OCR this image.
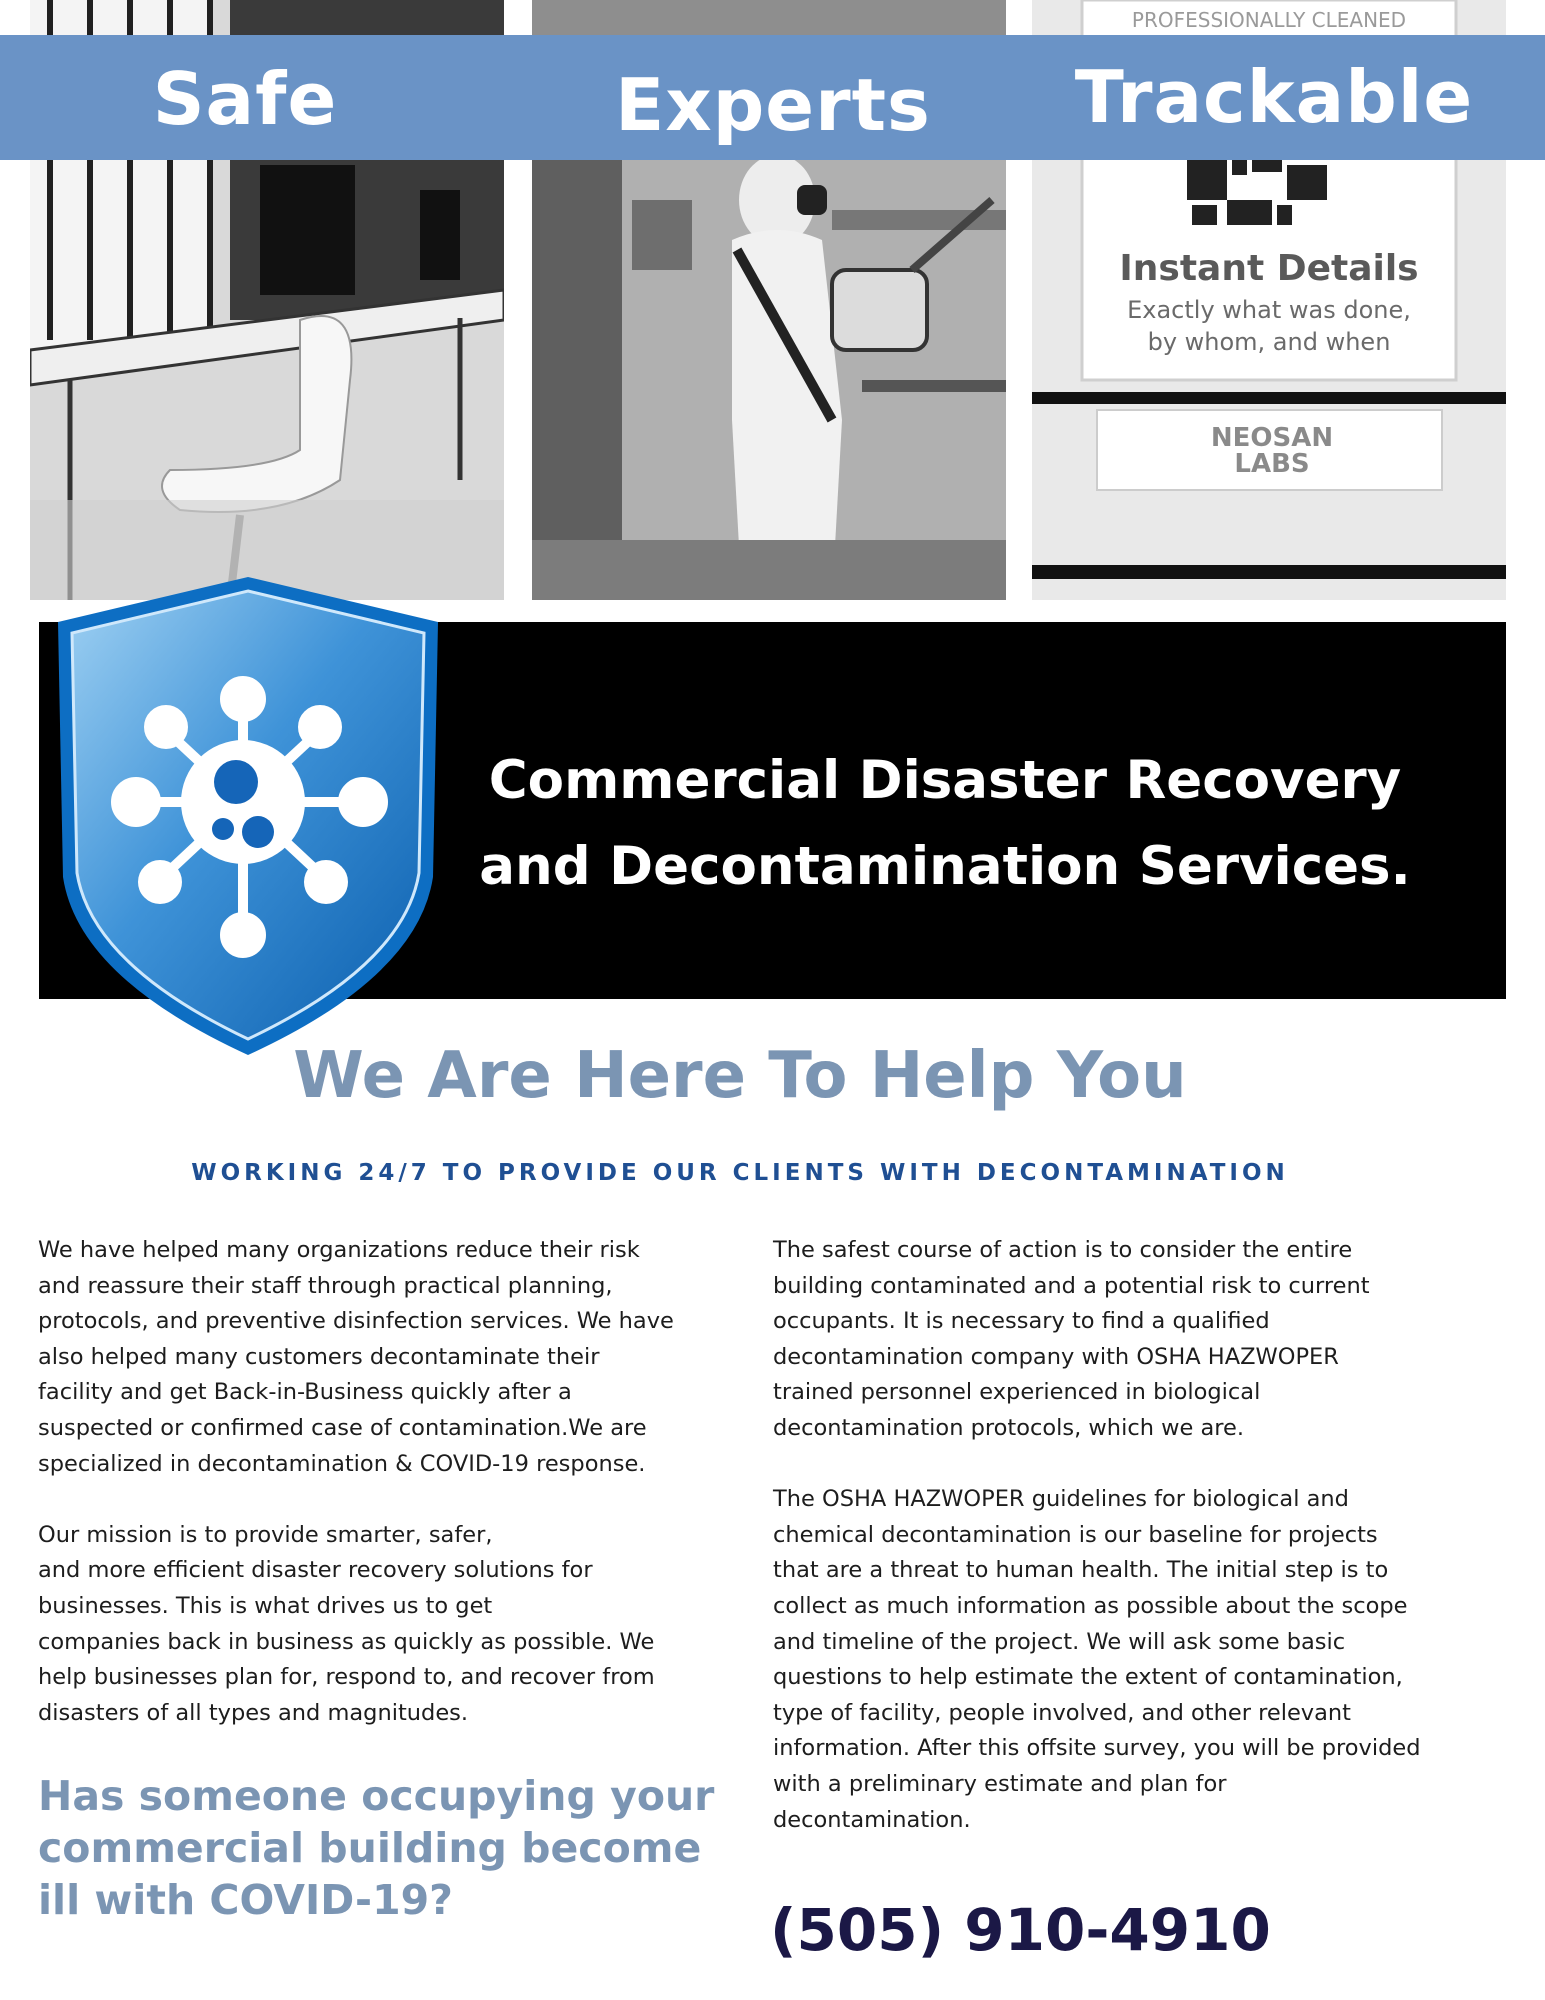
PROFESSIONALLY CLEANED
Instant Details
Exactly what was done,
by whom, and when
NEOSAN LABS
Safe	Experts	Trackable
Commercial Disaster Recovery
and Decontamination Services.
We Are Here To Help You
WORKING 24/7 TO PROVIDE OUR CLIENTS WITH DECONTAMINATION

We have helped many organizations reduce their risk
and reassure their staff through practical planning,
protocols, and preventive disinfection services. We have
also helped many customers decontaminate their
facility and get Back-in-Business quickly after a
suspected or confirmed case of contamination.We are
specialized in decontamination & COVID-19 response.

Our mission is to provide smarter, safer,
and more efficient disaster recovery solutions for
businesses. This is what drives us to get
companies back in business as quickly as possible. We
help businesses plan for, respond to, and recover from
disasters of all types and magnitudes.

Has someone occupying your
commercial building become
ill with COVID-19?

The safest course of action is to consider the entire
building contaminated and a potential risk to current
occupants. It is necessary to find a qualified
decontamination company with OSHA HAZWOPER
trained personnel experienced in biological
decontamination protocols, which we are.

The OSHA HAZWOPER guidelines for biological and
chemical decontamination is our baseline for projects
that are a threat to human health. The initial step is to
collect as much information as possible about the scope
and timeline of the project. We will ask some basic
questions to help estimate the extent of contamination,
type of facility, people involved, and other relevant
information. After this offsite survey, you will be provided
with a preliminary estimate and plan for
decontamination.

(505) 910-4910
